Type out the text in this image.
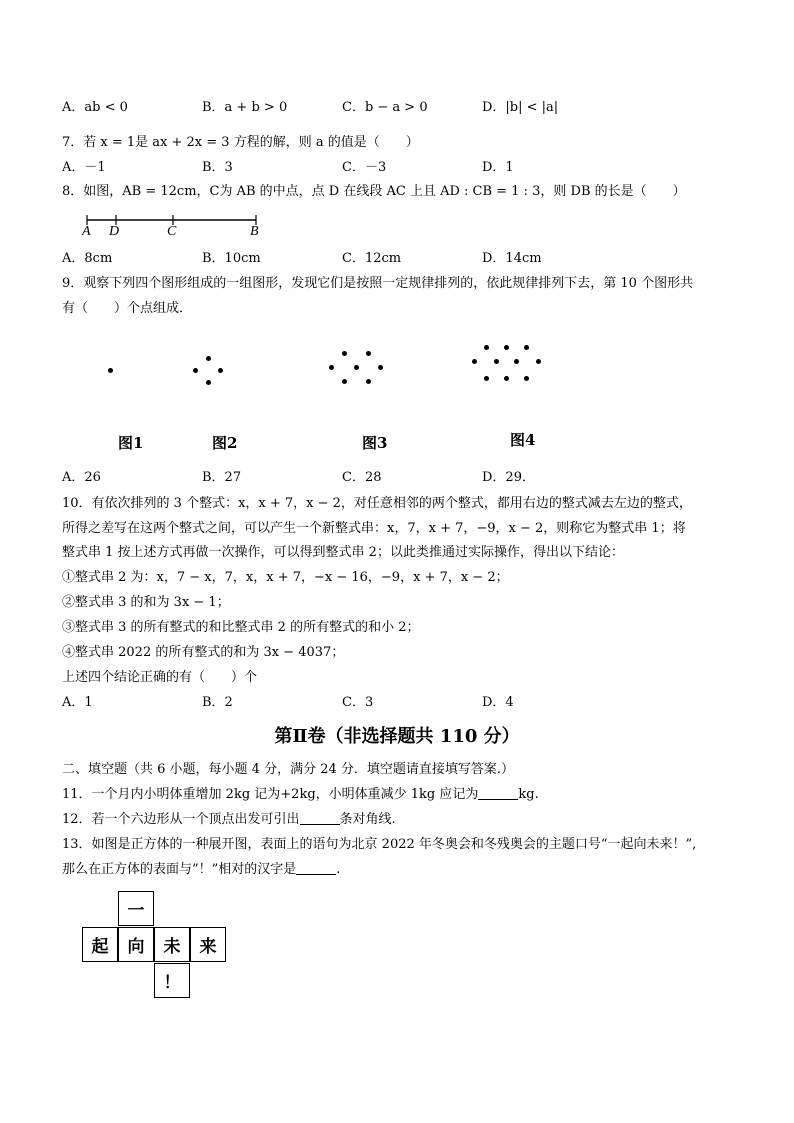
A．ab < 0	B．a + b > 0	C．b − a > 0	D．|b| < |a|
7．若 x = 1是 ax + 2x = 3 方程的解，则 a 的值是（　　）
A．－1	B．3	C．－3	D．1
8．如图，AB = 12cm，C为 AB 的中点，点 D 在线段 AC 上且 AD : CB = 1 : 3，则 DB 的长是（　　）
A D	C	B
A．8cm	B．10cm	C．12cm	D．14cm
9．观察下列四个图形组成的一组图形，发现它们是按照一定规律排列的，依此规律排列下去，第 10 个图形共
有（　　）个点组成．
图1	图2	图3	图4
A．26	B．27	C．28	D．29．
10．有依次排列的 3 个整式：x，x + 7，x − 2，对任意相邻的两个整式，都用右边的整式减去左边的整式，
所得之差写在这两个整式之间，可以产生一个新整式串：x，7，x + 7，−9，x − 2，则称它为整式串 1；将
整式串 1 按上述方式再做一次操作，可以得到整式串 2；以此类推通过实际操作，得出以下结论：
①整式串 2 为：x，7 − x，7，x，x + 7，−x − 16，−9，x + 7，x − 2；
②整式串 3 的和为 3x − 1；
③整式串 3 的所有整式的和比整式串 2 的所有整式的和小 2；
④整式串 2022 的所有整式的和为 3x − 4037；
上述四个结论正确的有（　　）个
A．1	B．2	C．3	D．4
第Ⅱ卷（非选择题共 110 分）
二、填空题（共 6 小题，每小题 4 分，满分 24 分．填空题请直接填写答案.）
11．一个月内小明体重增加 2kg 记为+2kg，小明体重减少 1kg 应记为	kg.
12．若一个六边形从一个顶点出发可引出	条对角线.
13．如图是正方体的一种展开图，表面上的语句为北京 2022 年冬奥会和冬残奥会的主题口号“一起向未来！”,
那么在正方体的表面与”！”相对的汉字是	.
一
起	向	未	来
！
